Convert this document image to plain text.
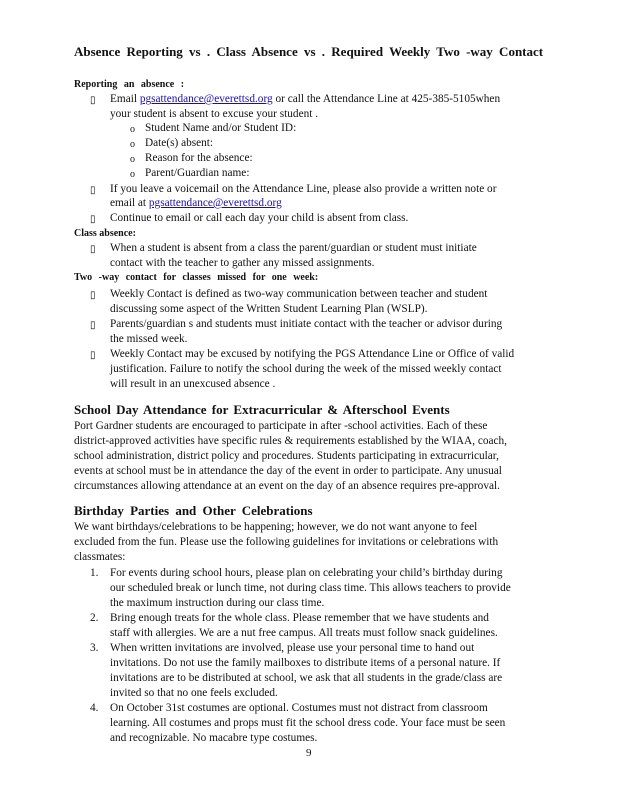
Absence Reporting vs . Class Absence vs . Required Weekly Two -way Contact
Reporting an absence :
▯ Email pgsattendance@everettsd.org or call the Attendance Line at 425-385-5105when
your student is absent to excuse your student .
o Student Name and/or Student ID:
o Date(s) absent:
o Reason for the absence:
o Parent/Guardian name:
▯ If you leave a voicemail on the Attendance Line, please also provide a written note or
email at pgsattendance@everettsd.org
▯ Continue to email or call each day your child is absent from class.
Class absence:
▯ When a student is absent from a class the parent/guardian or student must initiate
contact with the teacher to gather any missed assignments.
Two -way contact for classes missed for one week:
▯ Weekly Contact is defined as two-way communication between teacher and student
discussing some aspect of the Written Student Learning Plan (WSLP).
▯ Parents/guardian s and students must initiate contact with the teacher or advisor during
the missed week.
▯ Weekly Contact may be excused by notifying the PGS Attendance Line or Office of valid
justification. Failure to notify the school during the week of the missed weekly contact
will result in an unexcused absence .
School Day Attendance for Extracurricular & Afterschool Events
Port Gardner students are encouraged to participate in after -school activities. Each of these
district-approved activities have specific rules & requirements established by the WIAA, coach,
school administration, district policy and procedures. Students participating in extracurricular,
events at school must be in attendance the day of the event in order to participate. Any unusual
circumstances allowing attendance at an event on the day of an absence requires pre-approval.
Birthday Parties and Other Celebrations
We want birthdays/celebrations to be happening; however, we do not want anyone to feel
excluded from the fun. Please use the following guidelines for invitations or celebrations with
classmates:
1. For events during school hours, please plan on celebrating your child’s birthday during
our scheduled break or lunch time, not during class time. This allows teachers to provide
the maximum instruction during our class time.
2. Bring enough treats for the whole class. Please remember that we have students and
staff with allergies. We are a nut free campus. All treats must follow snack guidelines.
3. When written invitations are involved, please use your personal time to hand out
invitations. Do not use the family mailboxes to distribute items of a personal nature. If
invitations are to be distributed at school, we ask that all students in the grade/class are
invited so that no one feels excluded.
4. On October 31st costumes are optional. Costumes must not distract from classroom
learning. All costumes and props must fit the school dress code. Your face must be seen
and recognizable. No macabre type costumes.
9
